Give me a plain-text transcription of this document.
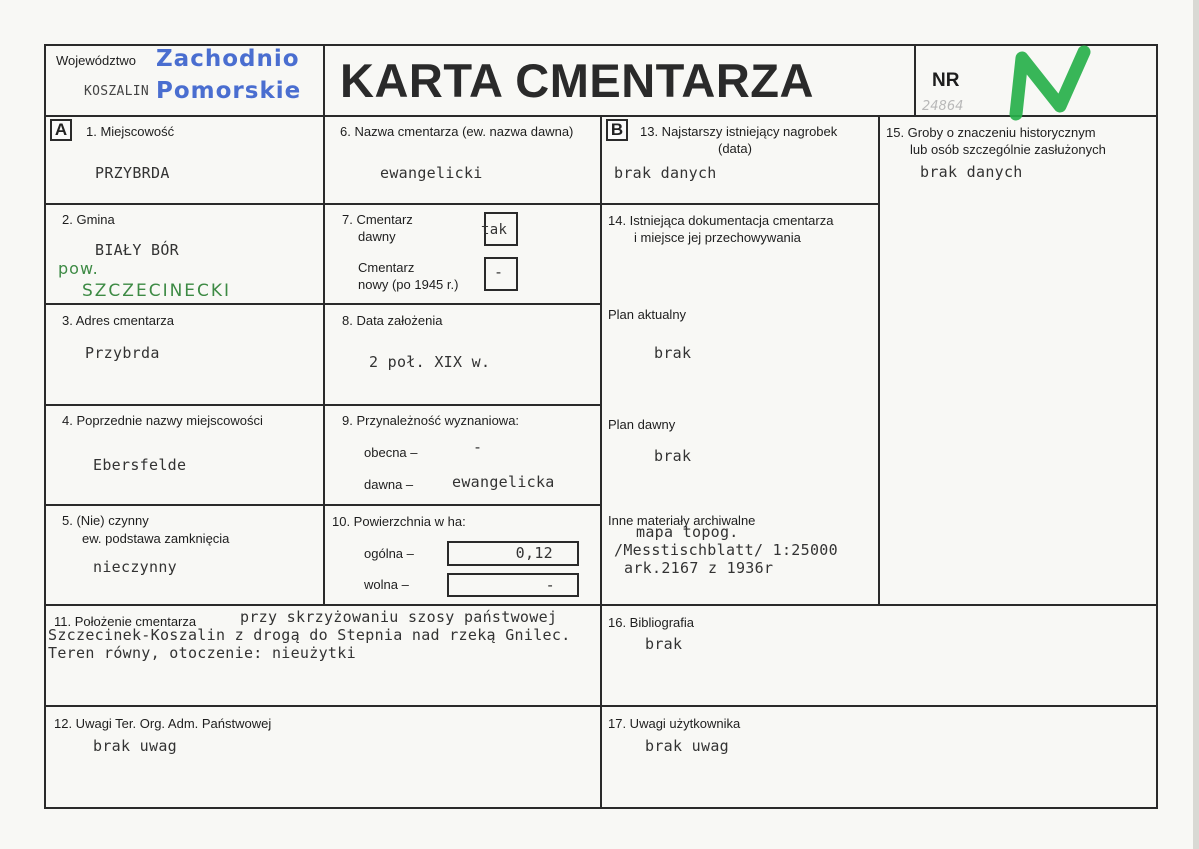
Województwo Zachodnio
KOSZALIN Pomorskie KARTA CMENTARZA	NR
24864
A	B
1. Miejscowość
PRZYBRDA
2. Gmina
BIAŁY BÓR
pow.
SZCZECINECKI
3. Adres cmentarza
Przybrda
4. Poprzednie nazwy miejscowości
Ebersfelde
5. (Nie) czynny
ew. podstawa zamknięcia
nieczynny
6. Nazwa cmentarza (ew. nazwa dawna)
ewangelicki
7. Cmentarz
dawny	tak
Cmentarz
nowy (po 1945 r.)
-
8. Data założenia
2 poł. XIX w.
9. Przynależność wyznaniowa:
obecna –	-
dawna –	ewangelicka
10. Powierzchnia w ha:
ogólna –	0,12
wolna –	-
13. Najstarszy istniejący nagrobek
(data)
brak danych
14. Istniejąca dokumentacja cmentarza
i miejsce jej przechowywania
Plan aktualny
brak
Plan dawny
brak
Inne materiały archiwalne
mapa topog.
/Messtischblatt/ 1:25000
ark.2167 z 1936r
15. Groby o znaczeniu historycznym
lub osób szczególnie zasłużonych
brak danych
11. Położenie cmentarza	przy skrzyżowaniu szosy państwowej
Szczecinek-Koszalin z drogą do Stepnia nad rzeką Gnilec.
Teren równy, otoczenie: nieużytki
16. Bibliografia
brak
12. Uwagi Ter. Org. Adm. Państwowej
brak uwag
17. Uwagi użytkownika
brak uwag
